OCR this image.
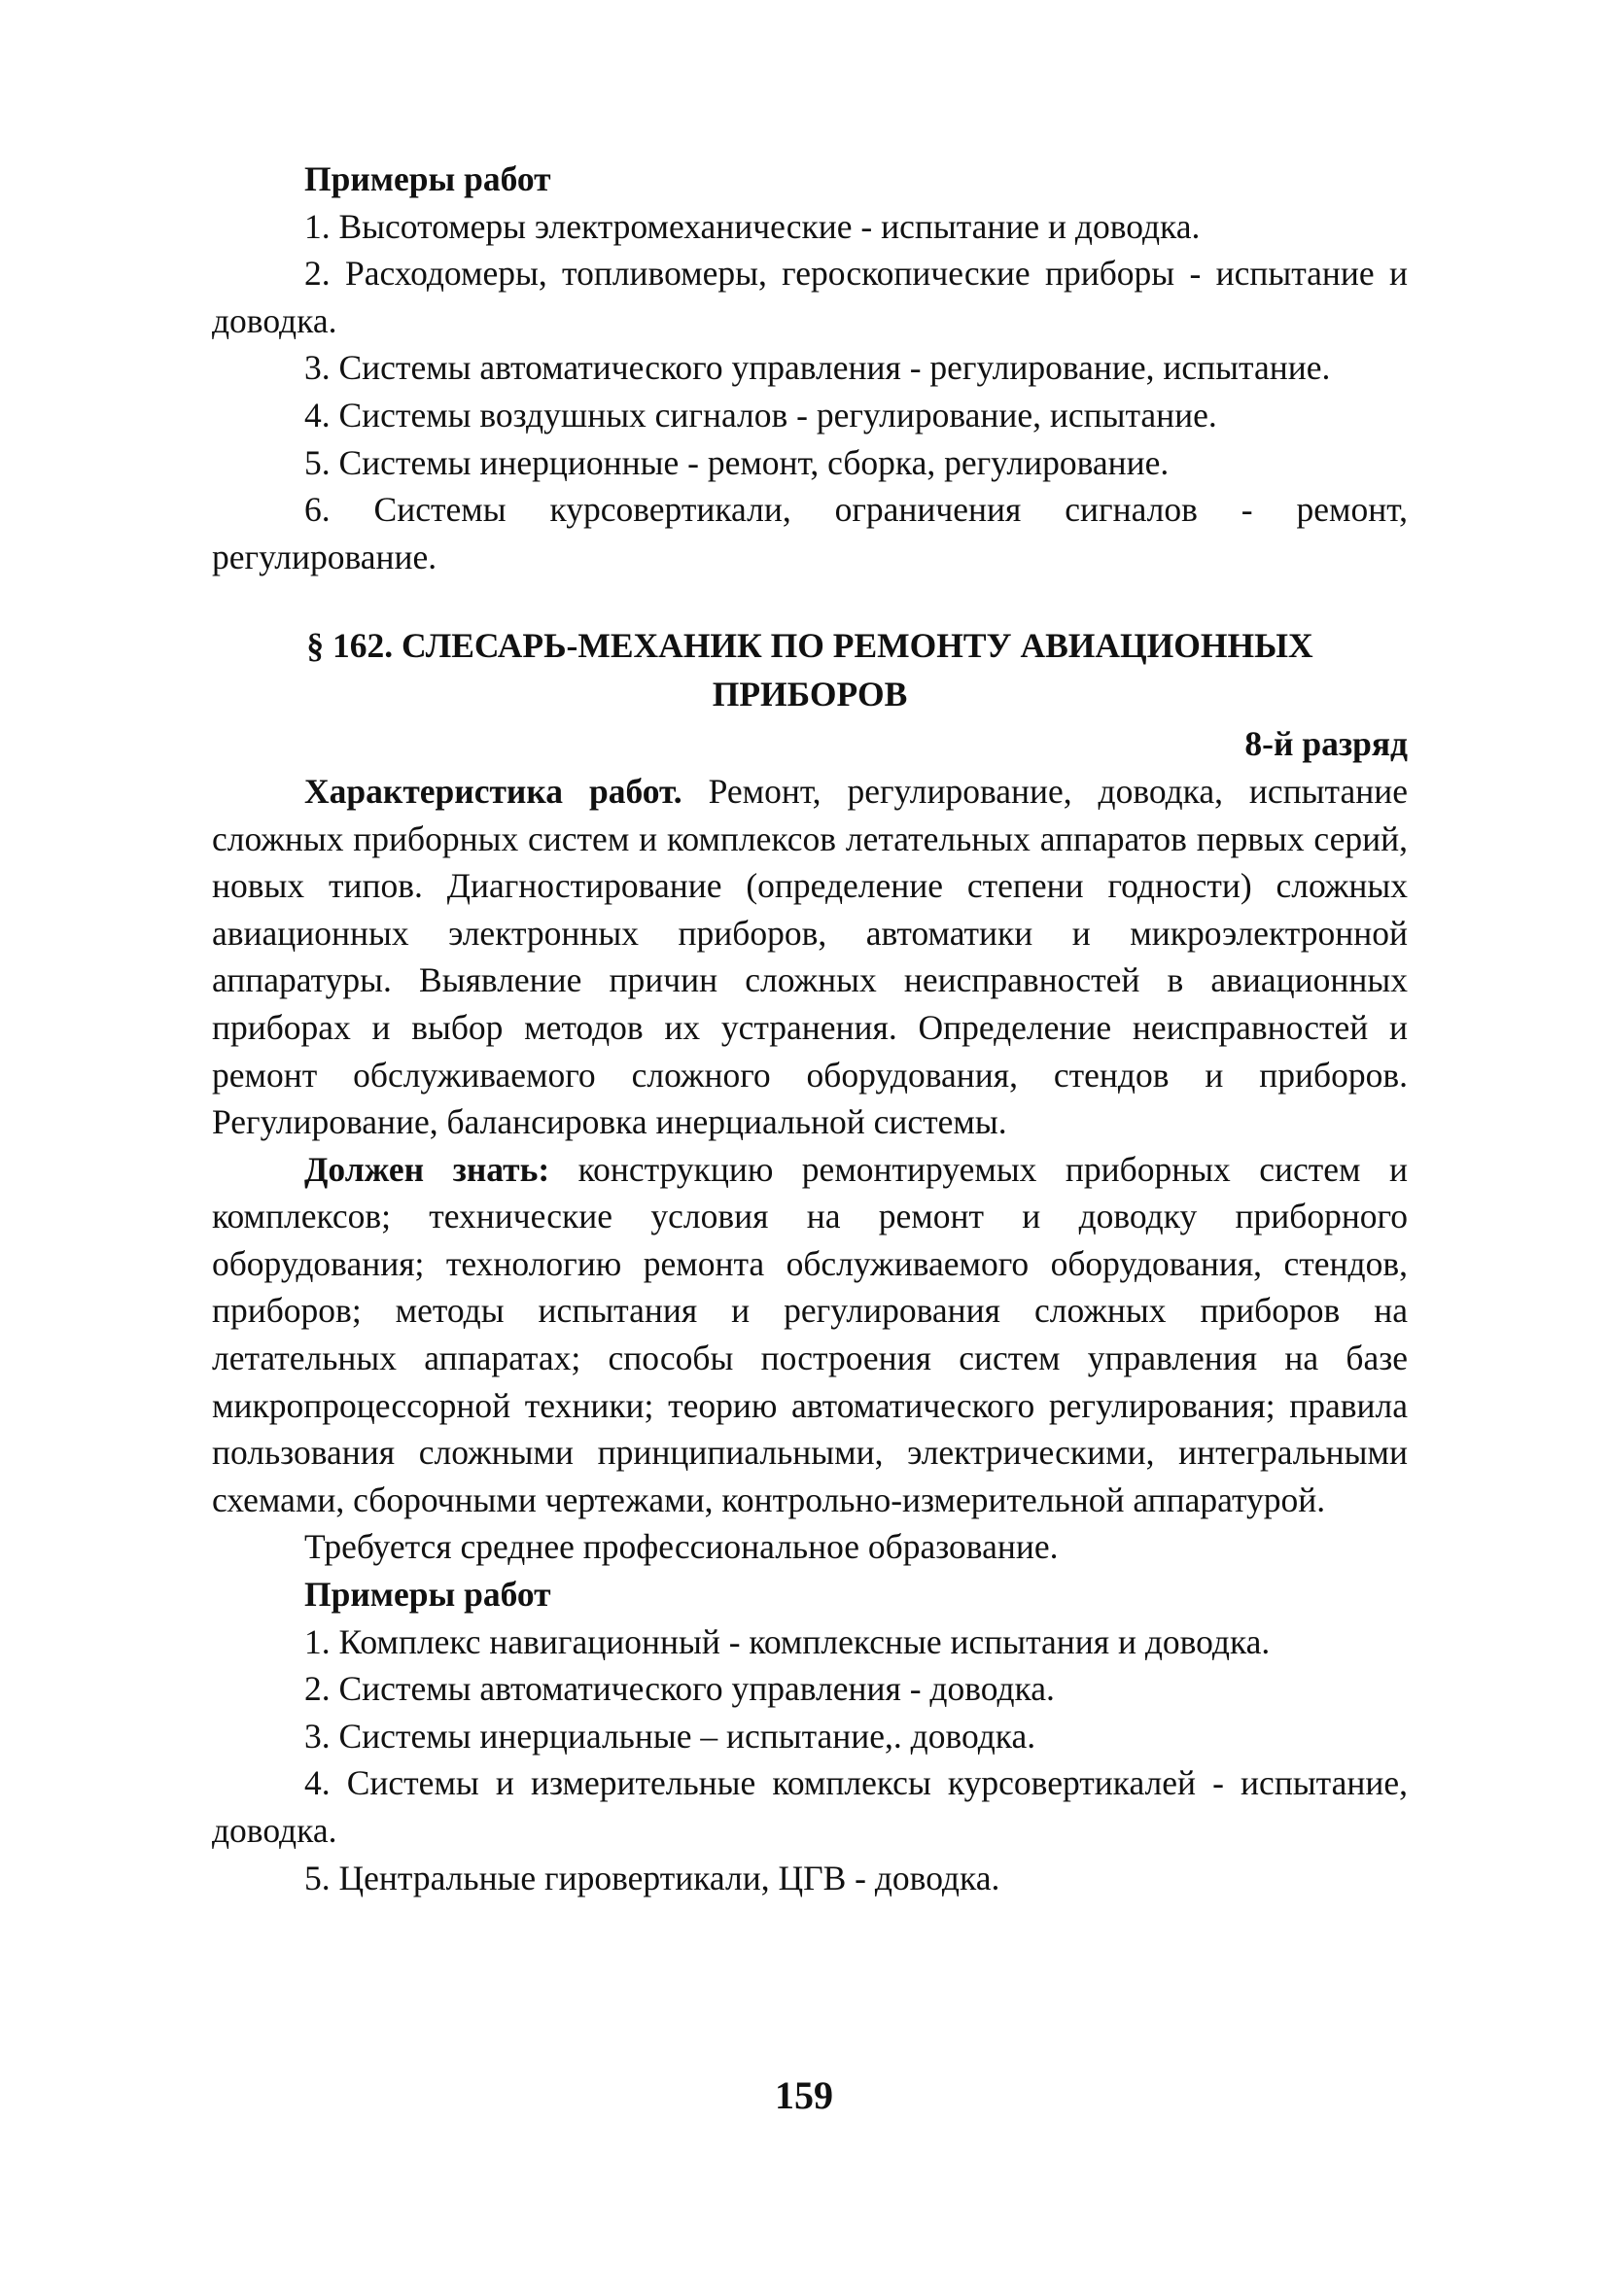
Примеры работ

1. Высотомеры электромеханические - испытание и доводка.

2. Расходомеры, топливомеры, героскопические приборы - испытание и доводка.

3. Системы автоматического управления - регулирование, испытание.

4. Системы воздушных сигналов - регулирование, испытание.

5. Системы инерционные - ремонт, сборка, регулирование.

6. Системы курсовертикали, ограничения сигналов - ремонт, регулирование.

§ 162. СЛЕСАРЬ-МЕХАНИК ПО РЕМОНТУ АВИАЦИОННЫХ ПРИБОРОВ

8-й разряд

Характеристика работ. Ремонт, регулирование, доводка, испытание сложных приборных систем и комплексов летательных аппаратов первых серий, новых типов. Диагностирование (определение степени годности) сложных авиационных электронных приборов, автоматики и микроэлектронной аппаратуры. Выявление причин сложных неисправностей в авиационных приборах и выбор методов их устранения. Определение неисправностей и ремонт обслуживаемого сложного оборудования, стендов и приборов. Регулирование, балансировка инерциальной системы.

Должен знать: конструкцию ремонтируемых приборных систем и комплексов; технические условия на ремонт и доводку приборного оборудования; технологию ремонта обслуживаемого оборудования, стендов, приборов; методы испытания и регулирования сложных приборов на летательных аппаратах; способы построения систем управления на базе микропроцессорной техники; теорию автоматического регулирования; правила пользования сложными принципиальными, электрическими, интегральными схемами, сборочными чертежами, контрольно-измерительной аппаратурой.

Требуется среднее профессиональное образование.

Примеры работ

1. Комплекс навигационный - комплексные испытания и доводка.

2. Системы автоматического управления - доводка.

3. Системы инерциальные – испытание,. доводка.

4. Системы и измерительные комплексы курсовертикалей - испытание, доводка.

5. Центральные гировертикали, ЦГВ - доводка.

159
